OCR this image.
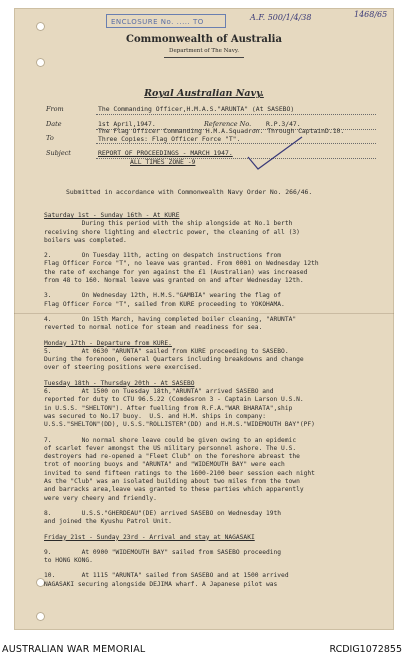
ENCLOSURE No. ..... TO	A.F. 500/1/4/38	1468/65
Commonwealth of Australia
Department of The Navy.
Royal Australian Navy.
From	The Commanding Officer,H.M.A.S."ARUNTA" (At SASEBO)
Date	1st April,1947.	Reference No. R.P.3/47.
To
The Flag Officer Commanding H.M.A.Squadron. Through CaptainD.10.
Three Copies: Flag Officer Force "T".
Subject	REPORT OF PROCEEDINGS - MARCH 1947.
ALL TIMES ZONE -9
Submitted in accordance with Commonwealth Navy Order No. 266/46.

Saturday 1st - Sunday 16th - At KURE

During this period with the ship alongside at No.1 berth

receiving shore lighting and electric power, the cleaning of all (3)

boilers was completed.

2.        On Tuesday 11th, acting on despatch instructions from

Flag Officer Force "T", no leave was granted. From 0001 on Wednesday 12th

the rate of exchange for yen against the £1 (Australian) was increased

from 48 to 160. Normal leave was granted on and after Wednesday 12th.

3.        On Wednesday 12th, H.M.S."GAMBIA" wearing the flag of

Flag Officer Force "T", sailed from KURE proceeding to YOKOHAMA.

4.        On 15th March, having completed boiler cleaning, "ARUNTA"

reverted to normal notice for steam and readiness for sea.

Monday 17th - Departure from KURE.

5.        At 0630 "ARUNTA" sailed from KURE proceeding to SASEBO.

During the forenoon, General Quarters including breakdowns and change

over of steering positions were exercised.

Tuesday 18th - Thursday 20th - At SASEBO

6.        At 1500 on Tuesday 18th,"ARUNTA" arrived SASEBO and

reported for duty to CTU 96.5.22 (Comdesron 3 - Captain Larson U.S.N.

in U.S.S. "SHELTON"). After fuelling from R.F.A."WAR BHARATA",ship

was secured to No.17 buoy.  U.S. and H.M. ships in company:

U.S.S."SHELTON"(DD), U.S.S."ROLLISTER"(DD) and H.M.S."WIDEMOUTH BAY"(PF)

7.        No normal shore leave could be given owing to an epidemic

of scarlet fever amongst the US military personnel ashore. The U.S.

destroyers had re-opened a "Fleet Club" on the foreshore abreast the

trot of mooring buoys and "ARUNTA" and "WIDEMOUTH BAY" were each

invited to send fifteen ratings to the 1600-2100 beer session each night

As the "Club" was an isolated building about two miles from the town

and barracks area,leave was granted to these parties which apparently

were very cheery and friendly.

8.        U.S.S."GHERDEAU"(DE) arrived SASEBO on Wednesday 19th

and joined the Kyushu Patrol Unit.

Friday 21st - Sunday 23rd - Arrival and stay at NAGASAKI

9.        At 0900 "WIDEMOUTH BAY" sailed from SASEBO proceeding

to HONG KONG.

10.       At 1115 "ARUNTA" sailed from SASEBO and at 1500 arrived

NAGASAKI securing alongside DEJIMA wharf. A Japanese pilot was

AUSTRALIAN WAR MEMORIAL	RCDIG1072855
